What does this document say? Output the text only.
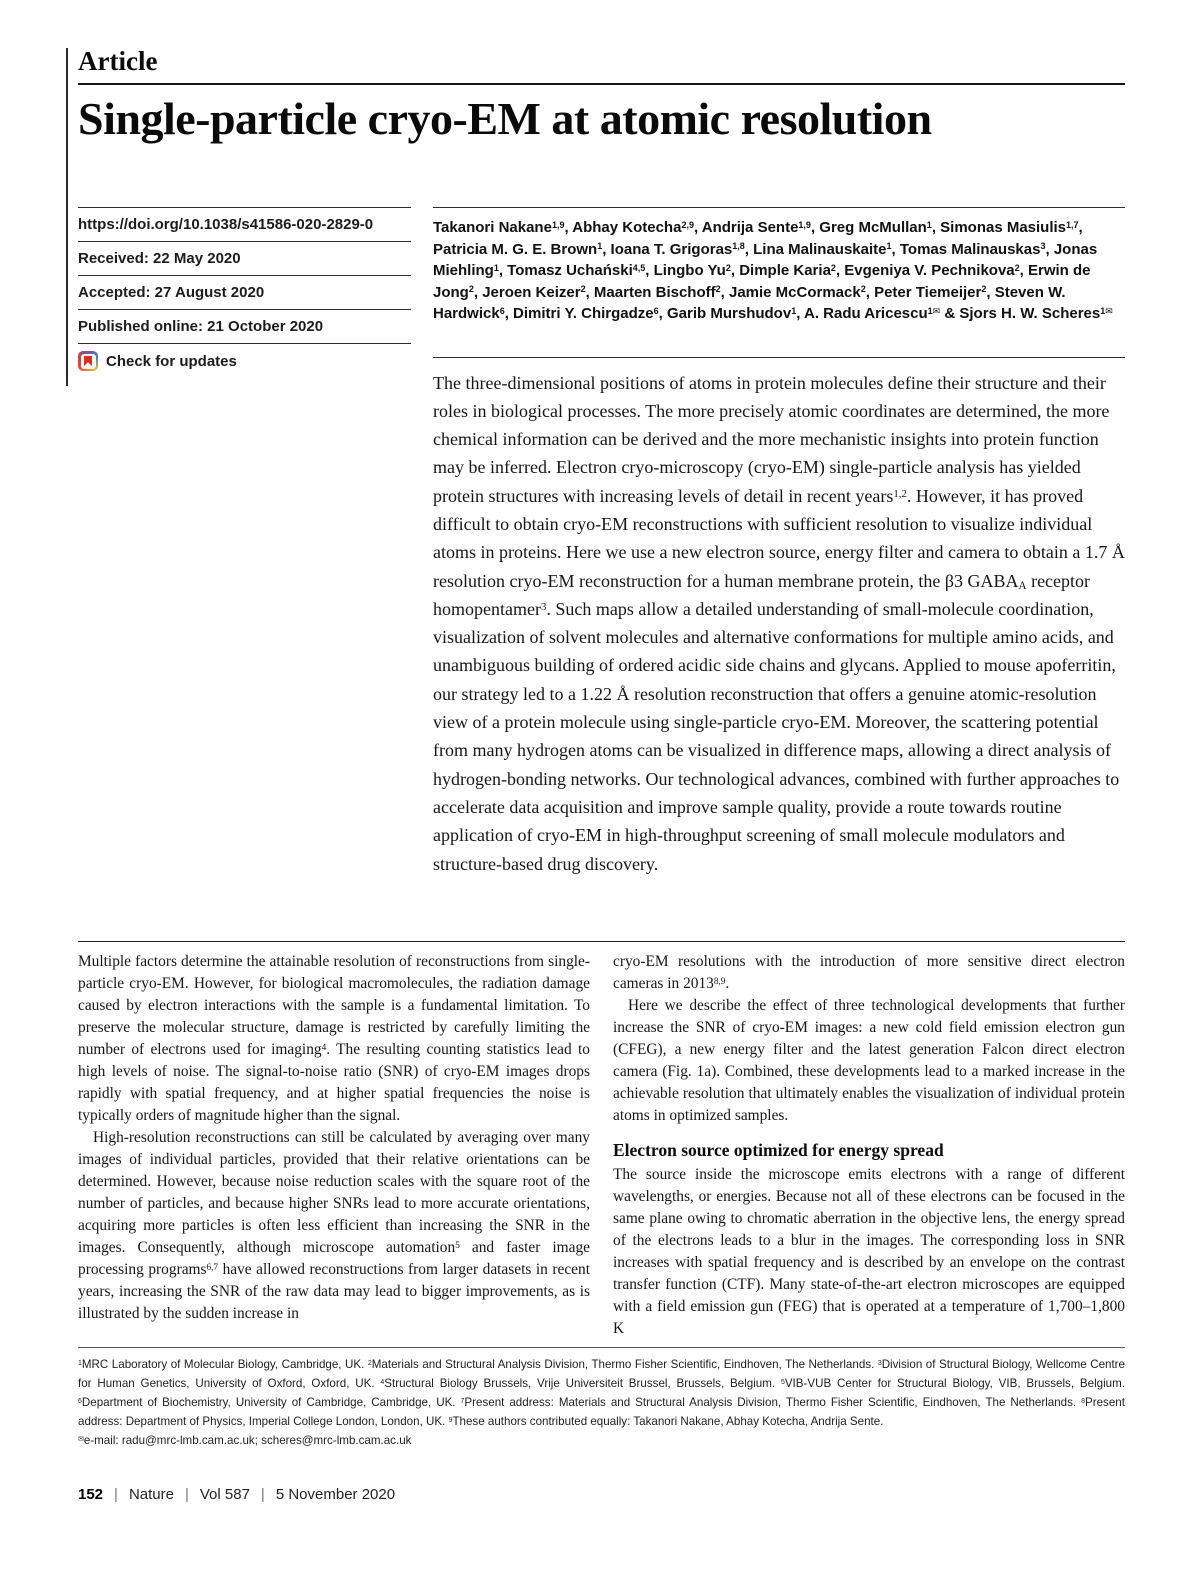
Article
Single-particle cryo-EM at atomic resolution
https://doi.org/10.1038/s41586-020-2829-0
Received: 22 May 2020
Accepted: 27 August 2020
Published online: 21 October 2020
Check for updates

Takanori Nakane$^{1,9}$, Abhay Kotecha$^{2,9}$, Andrija Sente$^{1,9}$, Greg McMullan$^1$, Simonas Masiulis$^{1,7}$, Patricia M. G. E. Brown$^1$, Ioana T. Grigoras$^{1,8}$, Lina Malinauskaite$^1$, Tomas Malinauskas$^3$, Jonas Miehling$^1$, Tomasz Uchański$^{4,5}$, Lingbo Yu$^2$, Dimple Karia$^2$, Evgeniya V. Pechnikova$^2$, Erwin de Jong$^2$, Jeroen Keizer$^2$, Maarten Bischoff$^2$, Jamie McCormack$^2$, Peter Tiemeijer$^2$, Steven W. Hardwick$^6$, Dimitri Y. Chirgadze$^6$, Garib Murshudov$^1$, A. Radu Aricescu$^{1✉}$ & Sjors H. W. Scheres$^{1✉}$

The three-dimensional positions of atoms in protein molecules define their structure and their roles in biological processes. The more precisely atomic coordinates are determined, the more chemical information can be derived and the more mechanistic insights into protein function may be inferred. Electron cryo-microscopy (cryo-EM) single-particle analysis has yielded protein structures with increasing levels of detail in recent years$^{1,2}$. However, it has proved difficult to obtain cryo-EM reconstructions with sufficient resolution to visualize individual atoms in proteins. Here we use a new electron source, energy filter and camera to obtain a 1.7 Å resolution cryo-EM reconstruction for a human membrane protein, the β3 $GABA_A$ receptor homopentamer$^3$. Such maps allow a detailed understanding of small-molecule coordination, visualization of solvent molecules and alternative conformations for multiple amino acids, and unambiguous building of ordered acidic side chains and glycans. Applied to mouse apoferritin, our strategy led to a 1.22 Å resolution reconstruction that offers a genuine atomic-resolution view of a protein molecule using single-particle cryo-EM. Moreover, the scattering potential from many hydrogen atoms can be visualized in difference maps, allowing a direct analysis of hydrogen-bonding networks. Our technological advances, combined with further approaches to accelerate data acquisition and improve sample quality, provide a route towards routine application of cryo-EM in high-throughput screening of small molecule modulators and structure-based drug discovery.

Multiple factors determine the attainable resolution of reconstructions from single-particle cryo-EM. However, for biological macromolecules, the radiation damage caused by electron interactions with the sample is a fundamental limitation. To preserve the molecular structure, damage is restricted by carefully limiting the number of electrons used for imaging$^4$. The resulting counting statistics lead to high levels of noise. The signal-to-noise ratio (SNR) of cryo-EM images drops rapidly with spatial frequency, and at higher spatial frequencies the noise is typically orders of magnitude higher than the signal.

High-resolution reconstructions can still be calculated by averaging over many images of individual particles, provided that their relative orientations can be determined. However, because noise reduction scales with the square root of the number of particles, and because higher SNRs lead to more accurate orientations, acquiring more particles is often less efficient than increasing the SNR in the images. Consequently, although microscope automation$^5$ and faster image processing programs$^{6,7}$ have allowed reconstructions from larger datasets in recent years, increasing the SNR of the raw data may lead to bigger improvements, as is illustrated by the sudden increase in

cryo-EM resolutions with the introduction of more sensitive direct electron cameras in 2013$^{8,9}$.

Here we describe the effect of three technological developments that further increase the SNR of cryo-EM images: a new cold field emission electron gun (CFEG), a new energy filter and the latest generation Falcon direct electron camera (Fig. 1a). Combined, these developments lead to a marked increase in the achievable resolution that ultimately enables the visualization of individual protein atoms in optimized samples.

Electron source optimized for energy spread

The source inside the microscope emits electrons with a range of different wavelengths, or energies. Because not all of these electrons can be focused in the same plane owing to chromatic aberration in the objective lens, the energy spread of the electrons leads to a blur in the images. The corresponding loss in SNR increases with spatial frequency and is described by an envelope on the contrast transfer function (CTF). Many state-of-the-art electron microscopes are equipped with a field emission gun (FEG) that is operated at a temperature of 1,700–1,800 K

$^1$MRC Laboratory of Molecular Biology, Cambridge, UK. $^2$Materials and Structural Analysis Division, Thermo Fisher Scientific, Eindhoven, The Netherlands. $^3$Division of Structural Biology, Wellcome Centre for Human Genetics, University of Oxford, Oxford, UK. $^4$Structural Biology Brussels, Vrije Universiteit Brussel, Brussels, Belgium. $^5$VIB-VUB Center for Structural Biology, VIB, Brussels, Belgium. $^6$Department of Biochemistry, University of Cambridge, Cambridge, UK. $^7$Present address: Materials and Structural Analysis Division, Thermo Fisher Scientific, Eindhoven, The Netherlands. $^8$Present address: Department of Physics, Imperial College London, London, UK. $^9$These authors contributed equally: Takanori Nakane, Abhay Kotecha, Andrija Sente.

✉e-mail: radu@mrc-lmb.cam.ac.uk; scheres@mrc-lmb.cam.ac.uk

152 | Nature | Vol 587 | 5 November 2020
